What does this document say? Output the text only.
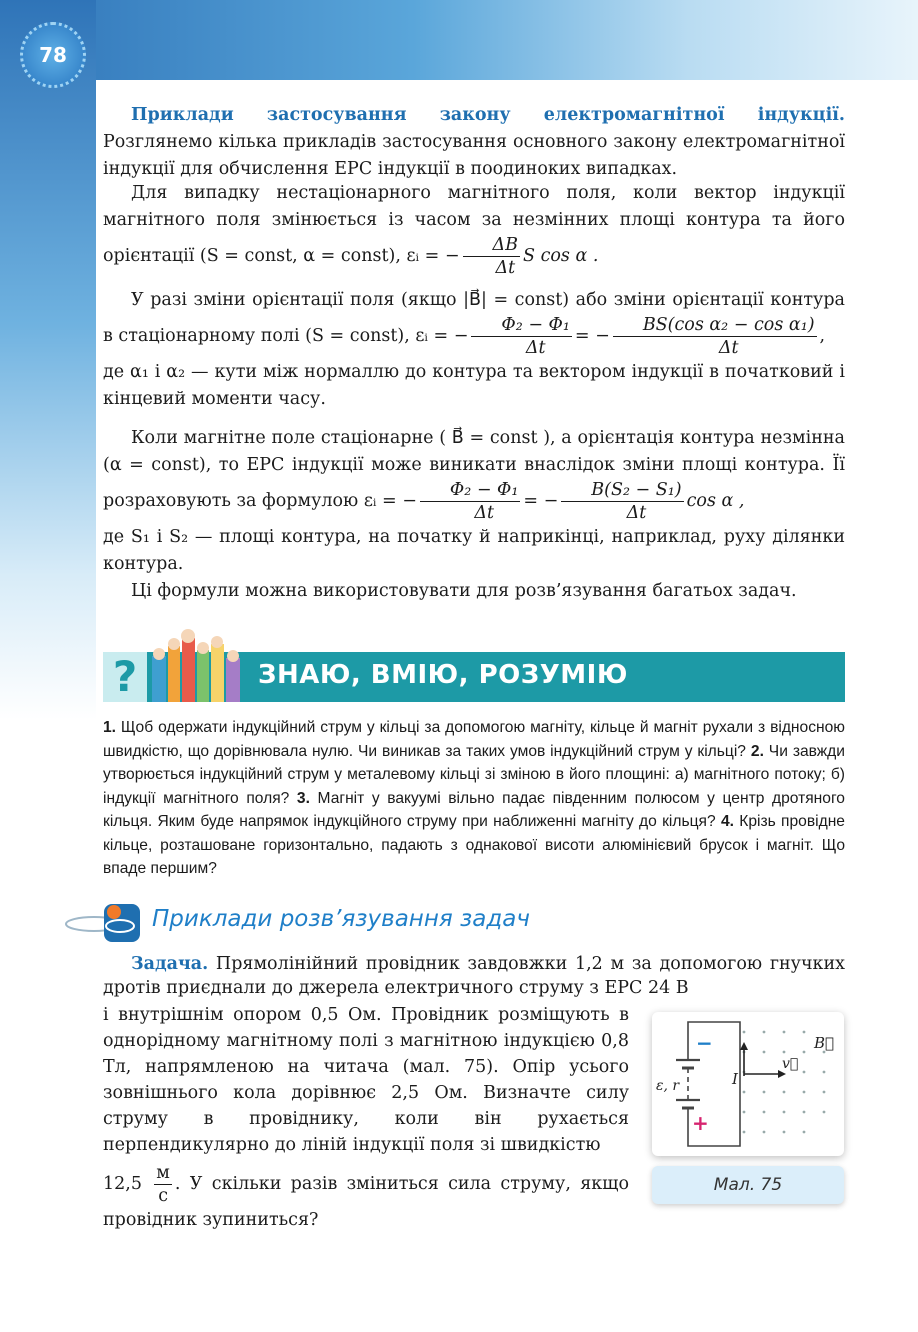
78
Приклади застосування закону електромагнітної індукції. Розглянемо кілька прикладів застосування основного закону електромагнітної індукції для обчислення ЕРС індукції в поодиноких випадках.
Для випадку нестаціонарного магнітного поля, коли вектор індукції магнітного поля змінюється із часом за незмінних площі контура та його орієнтації (S = const, α = const), εᵢ = − $\frac{\Delta B}{\Delta t}$ S cos α .
У разі зміни орієнтації поля (якщо |B⃗| = const) або зміни орієнтації контура в стаціонарному полі (S = const), εᵢ = − $\frac{\text{Φ₂ − Φ₁}}{\Delta t}$ = − $\frac{\text{BS(cos α₂ − cos α₁)}}{\Delta t}$ ,
де α₁ і α₂ — кути між нормаллю до контура та вектором індукції в початковий і кінцевий моменти часу.
Коли магнітне поле стаціонарне ( B⃗ = const ), а орієнтація контура незмінна (α = const), то ЕРС індукції може виникати внаслідок зміни площі контура. Її розраховують за формулою εᵢ = − $\frac{\text{Φ₂ − Φ₁}}{\Delta t}$ = − $\frac{\text{B(S₂ − S₁)}}{\Delta t}$ cos α ,
де S₁ і S₂ — площі контура, на початку й наприкінці, наприклад, руху ділянки контура.
Ці формули можна використовувати для розв’язування багатьох задач.
?	ЗНАЮ, ВМІЮ, РОЗУМІЮ
1. Щоб одержати індукційний струм у кільці за допомогою магніту, кільце й магніт рухали з відносною швидкістю, що дорівнювала нулю. Чи виникав за таких умов індукційний струм у кільці? 2. Чи завжди утворюється індукційний струм у металевому кільці зі зміною в його площині: а) магнітного потоку; б) індукції магнітного поля? 3. Магніт у вакуумі вільно падає південним полюсом у центр дротяного кільця. Яким буде напрямок індукційного струму при наближенні магніту до кільця? 4. Крізь провідне кільце, розташоване горизонтально, падають з однакової висоти алюмінієвий брусок і магніт. Що впаде першим?
Приклади розв’язування задач
Задача. Прямолінійний провідник завдовжки 1,2 м за допомогою гнучких дротів приєднали до джерела електричного струму з ЕРС 24 В
і внутрішнім опором 0,5 Ом. Провідник розміщують в однорідному магнітному полі з магнітною індукцією 0,8 Тл, напрямленою на читача (мал. 75). Опір усього зовнішнього кола дорівнює 2,5 Ом. Визначте силу струму в провіднику, коли він рухається перпендикулярно до ліній індукції поля зі швидкістю
$12,5 \frac{м}{с}$ . У скільки разів зміниться сила струму, якщо провідник зупиниться?
−
+
ε, r	I
v⃗
B⃗
Мал. 75
